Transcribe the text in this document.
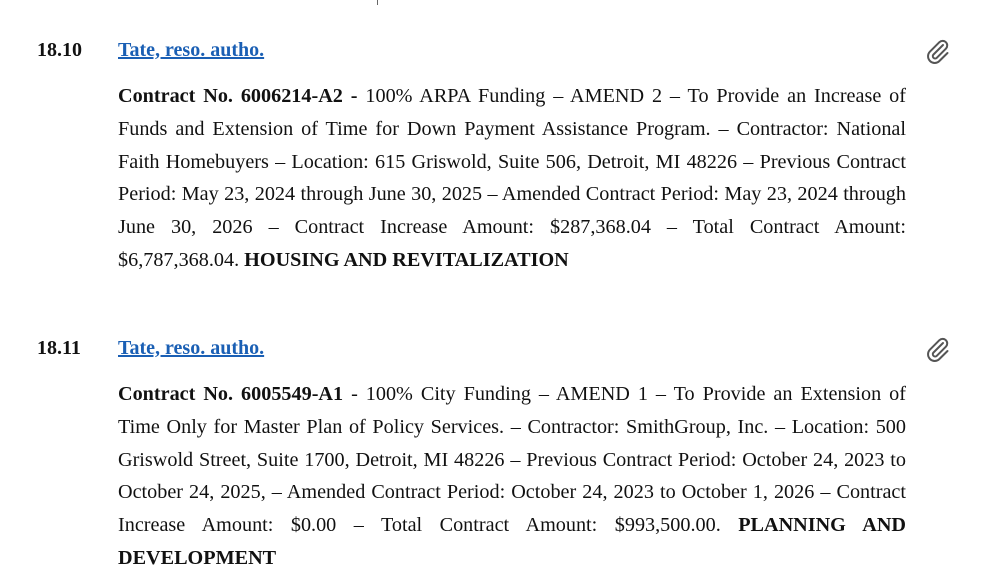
18.10 Tate, reso. autho.

Contract No. 6006214-A2 - 100% ARPA Funding – AMEND 2 – To Provide an Increase of Funds and Extension of Time for Down Payment Assistance Program. – Contractor: National Faith Homebuyers – Location: 615 Griswold, Suite 506, Detroit, MI 48226 – Previous Contract Period: May 23, 2024 through June 30, 2025 – Amended Contract Period: May 23, 2024 through June 30, 2026 – Contract Increase Amount: $287,368.04 – Total Contract Amount: $6,787,368.04. HOUSING AND REVITALIZATION

18.11 Tate, reso. autho.

Contract No. 6005549-A1 - 100% City Funding – AMEND 1 – To Provide an Extension of Time Only for Master Plan of Policy Services. – Contractor: SmithGroup, Inc. – Location: 500 Griswold Street, Suite 1700, Detroit, MI 48226 – Previous Contract Period: October 24, 2023 to October 24, 2025, – Amended Contract Period: October 24, 2023 to October 1, 2026 – Contract Increase Amount: $0.00 – Total Contract Amount: $993,500.00. PLANNING AND DEVELOPMENT
